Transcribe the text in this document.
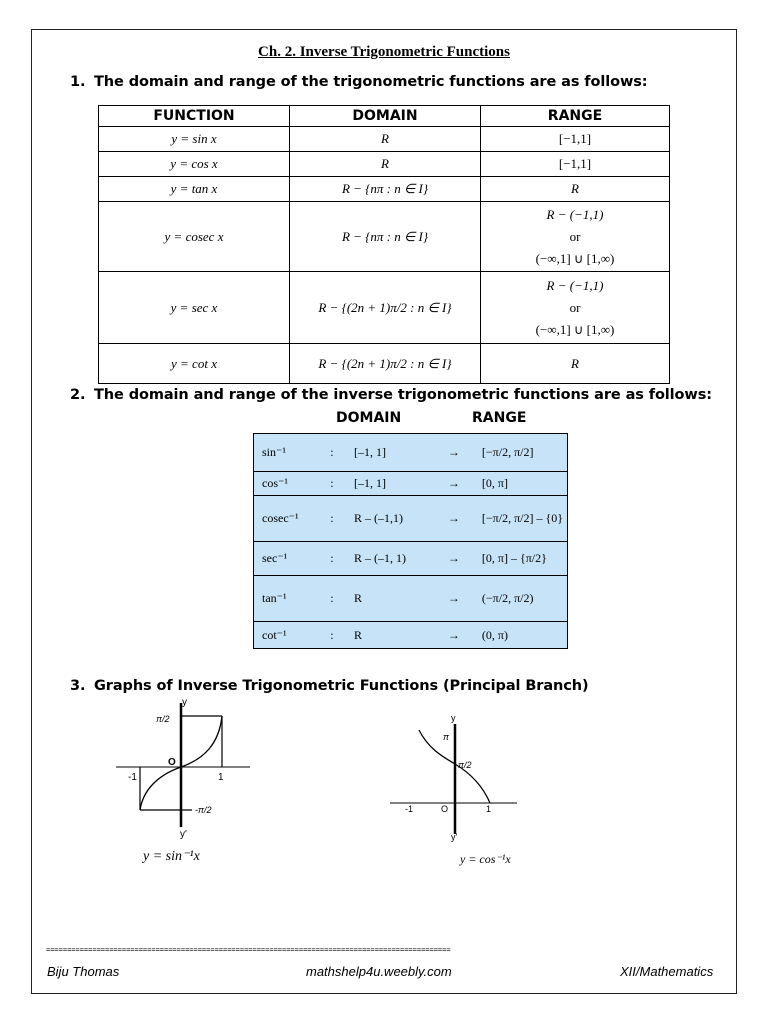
Ch. 2. Inverse Trigonometric Functions
1. The domain and range of the trigonometric functions are as follows:
FUNCTION	DOMAIN	RANGE
y = sin x	R	[−1,1]

y = cos x	R	[−1,1]

y = tan x	R − {nπ : n ∈ I}	R

y = cosec x	R − {nπ : n ∈ I}	R − (−1,1)
or
(−∞,1] ∪ [1,∞)

y = sec x	R − {(2n + 1)π/2 : n ∈ I}	R − (−1,1)
or
(−∞,1] ∪ [1,∞)

y = cot x	R − {(2n + 1)π/2 : n ∈ I}	R
2. The domain and range of the inverse trigonometric functions are as follows:
DOMAIN	RANGE
sin⁻¹	:	[–1, 1]	→	[−π/2, π/2]
cos⁻¹	:	[–1, 1]	→	[0, π]
cosec⁻¹	:	R – (–1,1)	→	[−π/2, π/2] – {0}
sec⁻¹	:	R – (–1, 1)	→	[0, π] – {π/2}
tan⁻¹	:	R	→	(−π/2, π/2)
cot⁻¹	:	R	→	(0, π)
3. Graphs of Inverse Trigonometric Functions (Principal Branch)
y
π/2
O
-1	1
-π/2
y'
y = sin⁻¹x
y
π
π/2
-1	O	1
y'
y = cos⁻¹x
================================================================================================
Biju Thomas	mathshelp4u.weebly.com	XII/Mathematics
